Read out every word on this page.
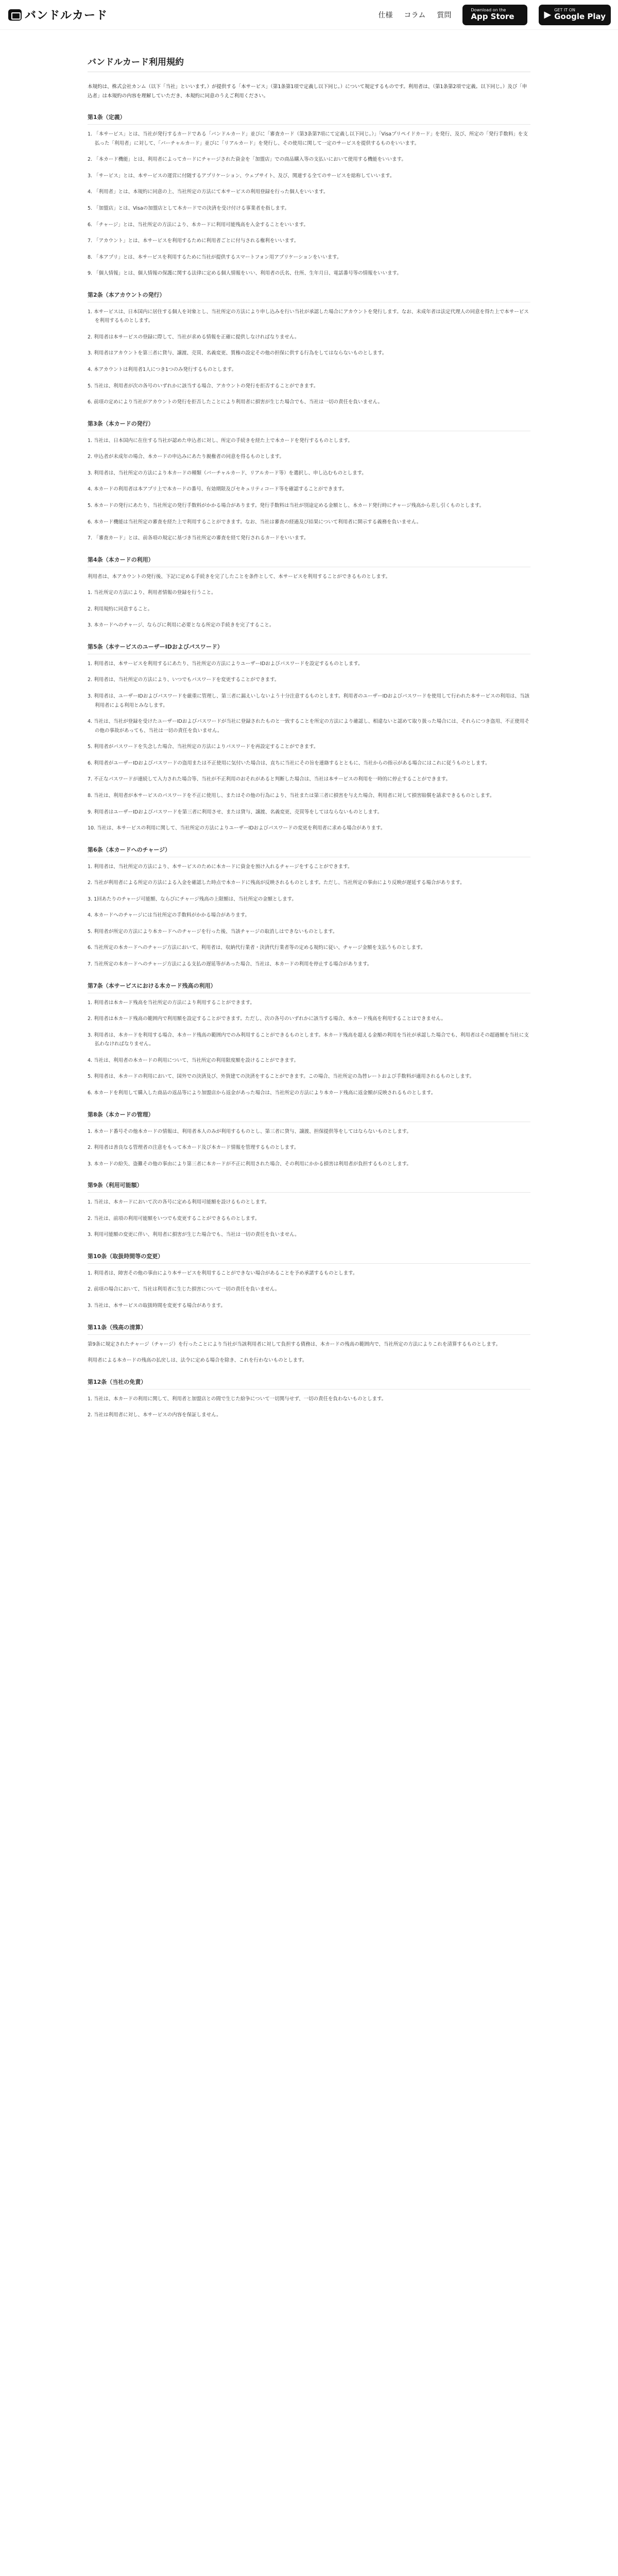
バンドルカード	仕様 コラム 質問
Download on the
App Store	▶ GET IT ON
Google Play
バンドルカード利用規約

本規約は、株式会社カンム（以下「当社」といいます。）が提供する「本サービス」（第1条第1項で定義し以下同じ。）について規定するものです。利用者は、（第1条第2項で定義。以下同じ。）及び「申込者」は本規約の内容を理解していただき、本規約に同意のうえご利用ください。

第1条（定義）
1. 「本サービス」とは、当社が発行するカードである「バンドルカード」並びに「審査カード（第3条第7項にて定義し以下同じ。）」「Visaプリペイドカード」を発行、及び、所定の「発行手数料」を支払った「利用者」に対して、「バーチャルカード」並びに「リアルカード」を発行し、その使用に関して一定のサービスを提供するものをいいます。
2. 「本カード機能」とは、利用者によってカードにチャージされた資金を「加盟店」での商品購入等の支払いにおいて使用する機能をいいます。
3. 「サービス」とは、本サービスの運営に付随するアプリケーション、ウェブサイト、及び、関連する全てのサービスを総称していいます。
4. 「利用者」とは、本規約に同意の上、当社所定の方法にて本サービスの利用登録を行った個人をいいます。
5. 「加盟店」とは、Visaの加盟店として本カードでの決済を受け付ける事業者を指します。
6. 「チャージ」とは、当社所定の方法により、本カードに利用可能残高を入金することをいいます。
7. 「アカウント」とは、本サービスを利用するために利用者ごとに付与される権利をいいます。
8. 「本アプリ」とは、本サービスを利用するために当社が提供するスマートフォン用アプリケーションをいいます。
9. 「個人情報」とは、個人情報の保護に関する法律に定める個人情報をいい、利用者の氏名、住所、生年月日、電話番号等の情報をいいます。
第2条（本アカウントの発行）
1. 本サービスは、日本国内に居住する個人を対象とし、当社所定の方法により申し込みを行い当社が承認した場合にアカウントを発行します。なお、未成年者は法定代理人の同意を得た上で本サービスを利用するものとします。
2. 利用者は本サービスの登録に際して、当社が求める情報を正確に提供しなければなりません。
3. 利用者はアカウントを第三者に貸与、譲渡、売買、名義変更、質権の設定その他の担保に供する行為をしてはならないものとします。
4. 本アカウントは利用者1人につき1つのみ発行するものとします。
5. 当社は、利用者が次の各号のいずれかに該当する場合、アカウントの発行を拒否することができます。
6. 前項の定めにより当社がアカウントの発行を拒否したことにより利用者に損害が生じた場合でも、当社は一切の責任を負いません。
第3条（本カードの発行）
1. 当社は、日本国内に在住する当社が認めた申込者に対し、所定の手続きを経た上で本カードを発行するものとします。
2. 申込者が未成年の場合、本カードの申込みにあたり親権者の同意を得るものとします。
3. 利用者は、当社所定の方法により本カードの種類（バーチャルカード、リアルカード等）を選択し、申し込むものとします。
4. 本カードの利用者は本アプリ上で本カードの番号、有効期限及びセキュリティコード等を確認することができます。
5. 本カードの発行にあたり、当社所定の発行手数料がかかる場合があります。発行手数料は当社が別途定める金額とし、本カード発行時にチャージ残高から差し引くものとします。
6. 本カード機能は当社所定の審査を経た上で利用することができます。なお、当社は審査の経過及び結果について利用者に開示する義務を負いません。
7. 「審査カード」とは、前各項の規定に基づき当社所定の審査を経て発行されるカードをいいます。
第4条（本カードの利用）
利用者は、本アカウントの発行後、下記に定める手続きを完了したことを条件として、本サービスを利用することができるものとします。
1. 当社所定の方法により、利用者情報の登録を行うこと。
2. 利用規約に同意すること。
3. 本カードへのチャージ、ならびに利用に必要となる所定の手続きを完了すること。
第5条（本サービスのユーザーIDおよびパスワード）
1. 利用者は、本サービスを利用するにあたり、当社所定の方法によりユーザーIDおよびパスワードを設定するものとします。
2. 利用者は、当社所定の方法により、いつでもパスワードを変更することができます。
3. 利用者は、ユーザーIDおよびパスワードを厳重に管理し、第三者に漏えいしないよう十分注意するものとします。利用者のユーザーIDおよびパスワードを使用して行われた本サービスの利用は、当該利用者による利用とみなします。
4. 当社は、当社が登録を受けたユーザーIDおよびパスワードが当社に登録されたものと一致することを所定の方法により確認し、相違ないと認めて取り扱った場合には、それらにつき盗用、不正使用その他の事故があっても、当社は一切の責任を負いません。
5. 利用者がパスワードを失念した場合、当社所定の方法によりパスワードを再設定することができます。
6. 利用者がユーザーIDおよびパスワードの盗用または不正使用に気付いた場合は、直ちに当社にその旨を連絡するとともに、当社からの指示がある場合にはこれに従うものとします。
7. 不正なパスワードが連続して入力された場合等、当社が不正利用のおそれがあると判断した場合は、当社は本サービスの利用を一時的に停止することができます。
8. 当社は、利用者が本サービスのパスワードを不正に使用し、またはその他の行為により、当社または第三者に損害を与えた場合、利用者に対して損害賠償を請求できるものとします。
9. 利用者はユーザーIDおよびパスワードを第三者に利用させ、または貸与、譲渡、名義変更、売買等をしてはならないものとします。
10. 当社は、本サービスの利用に関して、当社所定の方法によりユーザーIDおよびパスワードの変更を利用者に求める場合があります。
第6条（本カードへのチャージ）
1. 利用者は、当社所定の方法により、本サービスのために本カードに資金を預け入れるチャージをすることができます。
2. 当社が利用者による所定の方法による入金を確認した時点で本カードに残高が反映されるものとします。ただし、当社所定の事由により反映が遅延する場合があります。
3. 1回あたりのチャージ可能額、ならびにチャージ残高の上限額は、当社所定の金額とします。
4. 本カードへのチャージには当社所定の手数料がかかる場合があります。
5. 利用者が所定の方法により本カードへのチャージを行った後、当該チャージの取消しはできないものとします。
6. 当社所定の本カードへのチャージ方法において、利用者は、収納代行業者・決済代行業者等の定める規約に従い、チャージ金額を支払うものとします。
7. 当社所定の本カードへのチャージ方法による支払の遅延等があった場合、当社は、本カードの利用を停止する場合があります。
第7条（本サービスにおける本カード残高の利用）
1. 利用者は本カード残高を当社所定の方法により利用することができます。
2. 利用者は本カード残高の範囲内で利用額を設定することができます。ただし、次の各号のいずれかに該当する場合、本カード残高を利用することはできません。
3. 利用者は、本カードを利用する場合、本カード残高の範囲内でのみ利用することができるものとします。本カード残高を超える金額の利用を当社が承認した場合でも、利用者はその超過額を当社に支払わなければなりません。
4. 当社は、利用者の本カードの利用について、当社所定の利用限度額を設けることができます。
5. 利用者は、本カードの利用において、国外での決済及び、外貨建ての決済をすることができます。この場合、当社所定の為替レートおよび手数料が適用されるものとします。
6. 本カードを利用して購入した商品の返品等により加盟店から返金があった場合は、当社所定の方法により本カード残高に返金額が反映されるものとします。
第8条（本カードの管理）
1. 本カード番号その他本カードの情報は、利用者本人のみが利用するものとし、第三者に貸与、譲渡、担保提供等をしてはならないものとします。
2. 利用者は善良なる管理者の注意をもって本カード及び本カード情報を管理するものとします。
3. 本カードの紛失、盗難その他の事由により第三者に本カードが不正に利用された場合、その利用にかかる損害は利用者が負担するものとします。
第9条（利用可能額）
1. 当社は、本カードにおいて次の各号に定める利用可能額を設けるものとします。
2. 当社は、前項の利用可能額をいつでも変更することができるものとします。
3. 利用可能額の変更に伴い、利用者に損害が生じた場合でも、当社は一切の責任を負いません。
第10条（取扱時間等の変更）
1. 利用者は、障害その他の事由により本サービスを利用することができない場合があることを予め承諾するものとします。
2. 前項の場合において、当社は利用者に生じた損害について一切の責任を負いません。
3. 当社は、本サービスの取扱時間を変更する場合があります。
第11条（残高の清算）
第9条に規定されたチャージ（チャージ）を行ったことにより当社が当該利用者に対して負担する債務は、本カードの残高の範囲内で、当社所定の方法によりこれを清算するものとします。
利用者による本カードの残高の払戻しは、法令に定める場合を除き、これを行わないものとします。
第12条（当社の免責）
1. 当社は、本カードの利用に関して、利用者と加盟店との間で生じた紛争について一切関与せず、一切の責任を負わないものとします。
2. 当社は利用者に対し、本サービスの内容を保証しません。
